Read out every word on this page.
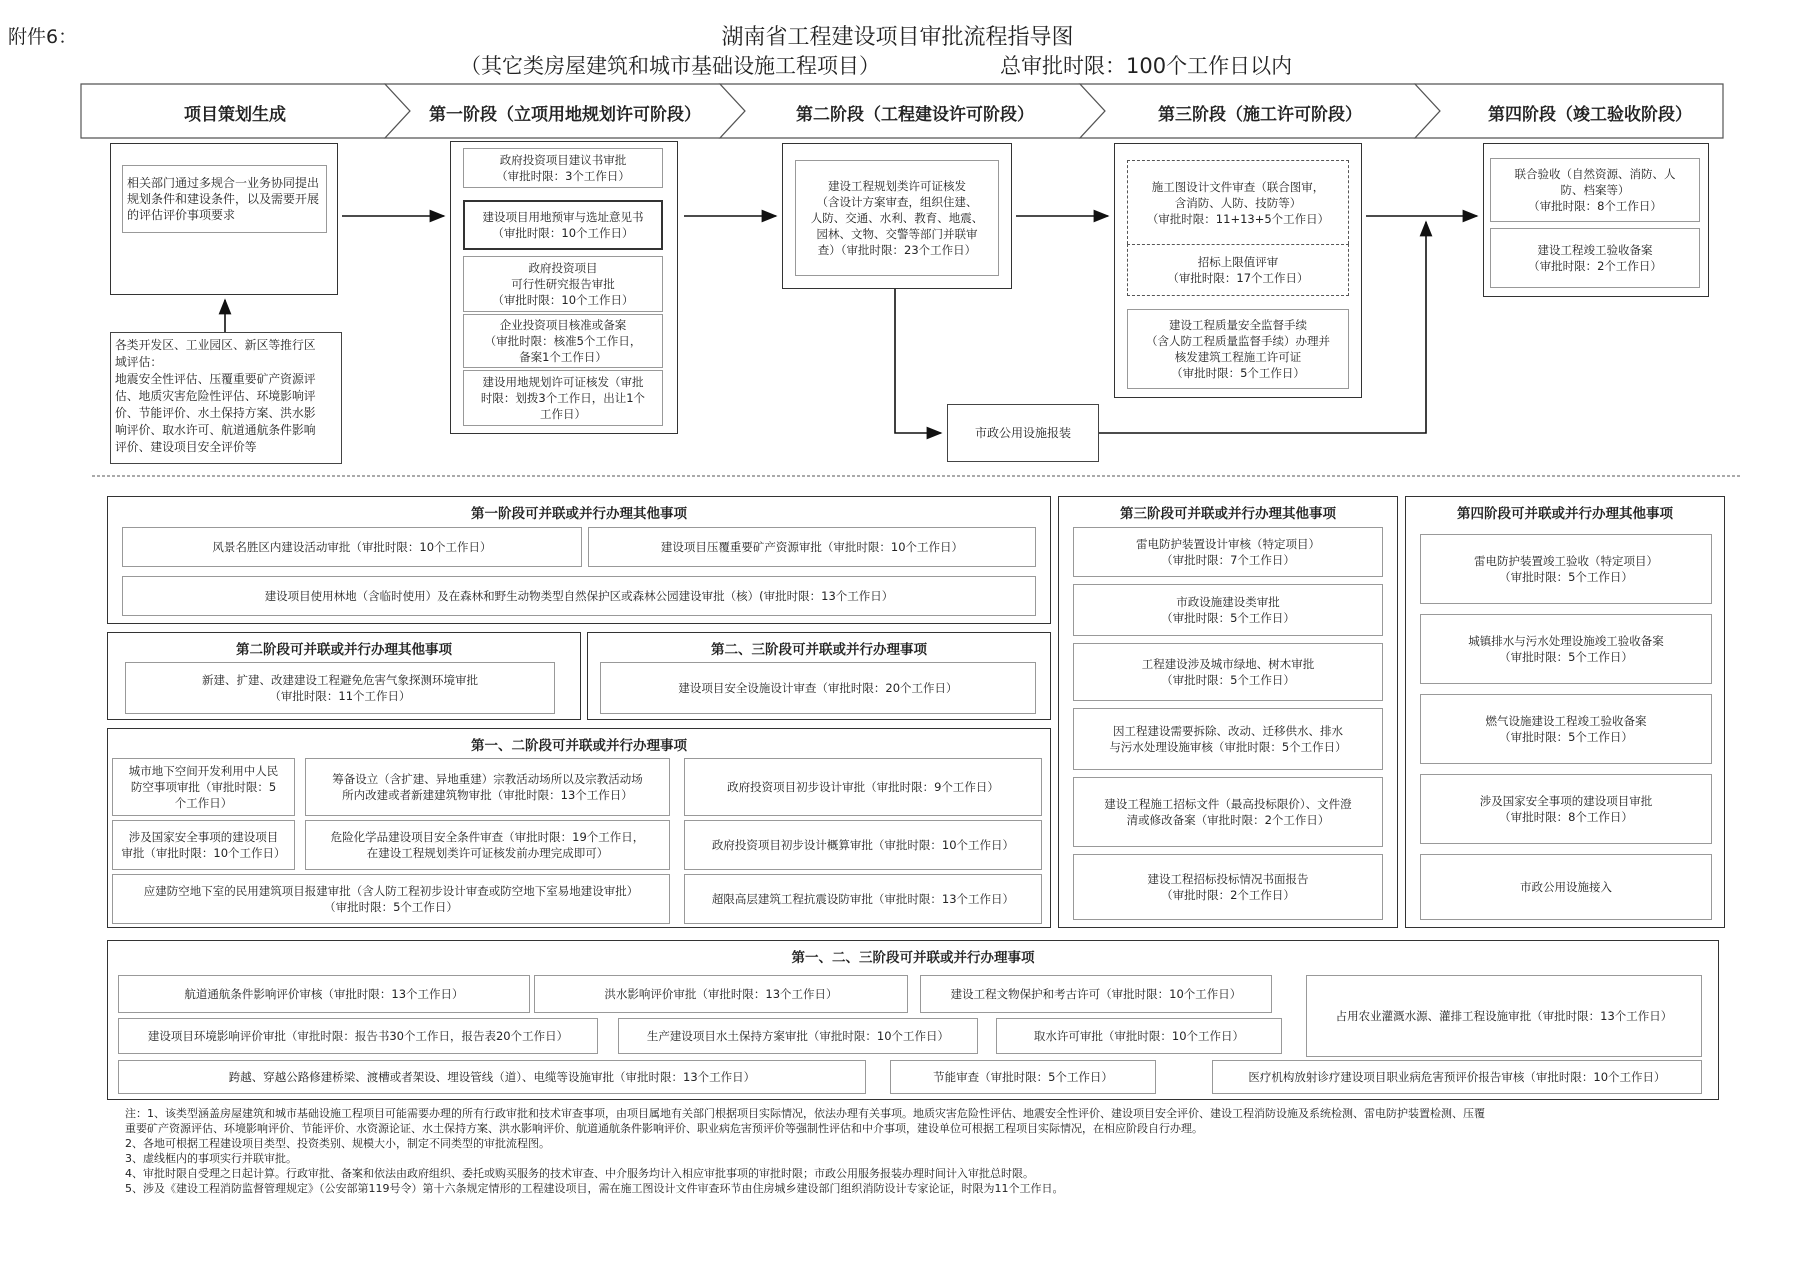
附件6：	湖南省工程建设项目审批流程指导图
（其它类房屋建筑和城市基础设施工程项目）	总审批时限：100个工作日以内
项目策划生成	第一阶段（立项用地规划许可阶段）	第二阶段（工程建设许可阶段）	第三阶段（施工许可阶段）	第四阶段（竣工验收阶段）
相关部门通过多规合一业务协同提出规划条件和建设条件，以及需要开展的评估评价事项要求
各类开发区、工业园区、新区等推行区
域评估：
地震安全性评估、压覆重要矿产资源评
估、地质灾害危险性评估、环境影响评
价、节能评价、水土保持方案、洪水影
响评价、取水许可、航道通航条件影响
评价、建设项目安全评价等
政府投资项目建议书审批
（审批时限：3个工作日）
建设项目用地预审与选址意见书
（审批时限：10个工作日）
政府投资项目
可行性研究报告审批
（审批时限：10个工作日）
企业投资项目核准或备案
（审批时限：核准5个工作日，
备案1个工作日）
建设用地规划许可证核发（审批
时限：划拨3个工作日，出让1个
工作日）
建设工程规划类许可证核发
（含设计方案审查，组织住建、
人防、交通、水利、教育、地震、
园林、文物、交警等部门并联审
查）（审批时限：23个工作日）
施工图设计文件审查（联合图审，
含消防、人防、技防等）
（审批时限：11+13+5个工作日）
招标上限值评审
（审批时限：17个工作日）
建设工程质量安全监督手续
（含人防工程质量监督手续）办理并
核发建筑工程施工许可证
（审批时限：5个工作日）
市政公用设施报装
联合验收（自然资源、消防、人
防、档案等）
（审批时限：8个工作日）
建设工程竣工验收备案
（审批时限：2个工作日）
第一阶段可并联或并行办理其他事项
风景名胜区内建设活动审批（审批时限：10个工作日）	建设项目压覆重要矿产资源审批（审批时限：10个工作日）
建设项目使用林地（含临时使用）及在森林和野生动物类型自然保护区或森林公园建设审批（核）(审批时限：13个工作日）
第二阶段可并联或并行办理其他事项
新建、扩建、改建建设工程避免危害气象探测环境审批
（审批时限：11个工作日）
第二、三阶段可并联或并行办理事项
建设项目安全设施设计审查（审批时限：20个工作日）
第一、二阶段可并联或并行办理事项
城市地下空间开发利用中人民
防空事项审批（审批时限：5
个工作日）
筹备设立（含扩建、异地重建）宗教活动场所以及宗教活动场
所内改建或者新建建筑物审批（审批时限：13个工作日）
政府投资项目初步设计审批（审批时限：9个工作日）
涉及国家安全事项的建设项目
审批（审批时限：10个工作日）
危险化学品建设项目安全条件审查（审批时限：19个工作日，
在建设工程规划类许可证核发前办理完成即可）
政府投资项目初步设计概算审批（审批时限：10个工作日）
应建防空地下室的民用建筑项目报建审批（含人防工程初步设计审查或防空地下室易地建设审批）
（审批时限：5个工作日）
超限高层建筑工程抗震设防审批（审批时限：13个工作日）
第三阶段可并联或并行办理其他事项
雷电防护装置设计审核（特定项目）
（审批时限：7个工作日）
市政设施建设类审批
（审批时限：5个工作日）
工程建设涉及城市绿地、树木审批
（审批时限：5个工作日）
因工程建设需要拆除、改动、迁移供水、排水
与污水处理设施审核（审批时限：5个工作日）
建设工程施工招标文件（最高投标限价）、文件澄
清或修改备案（审批时限：2个工作日）
建设工程招标投标情况书面报告
（审批时限：2个工作日）
第四阶段可并联或并行办理其他事项
雷电防护装置竣工验收（特定项目）
（审批时限：5个工作日）
城镇排水与污水处理设施竣工验收备案
（审批时限：5个工作日）
燃气设施建设工程竣工验收备案
（审批时限：5个工作日）
涉及国家安全事项的建设项目审批
（审批时限：8个工作日）
市政公用设施接入
第一、二、三阶段可并联或并行办理事项
航道通航条件影响评价审核（审批时限：13个工作日）	洪水影响评价审批（审批时限：13个工作日）	建设工程文物保护和考古许可（审批时限：10个工作日）
占用农业灌溉水源、灌排工程设施审批（审批时限：13个工作日）
建设项目环境影响评价审批（审批时限：报告书30个工作日，报告表20个工作日）	生产建设项目水土保持方案审批（审批时限：10个工作日）	取水许可审批（审批时限：10个工作日）
跨越、穿越公路修建桥梁、渡槽或者架设、埋设管线（道）、电缆等设施审批（审批时限：13个工作日）	节能审查（审批时限：5个工作日）	医疗机构放射诊疗建设项目职业病危害预评价报告审核（审批时限：10个工作日）
注：1、该类型涵盖房屋建筑和城市基础设施工程项目可能需要办理的所有行政审批和技术审查事项，由项目属地有关部门根据项目实际情况，依法办理有关事项。地质灾害危险性评估、地震安全性评价、建设项目安全评价、建设工程消防设施及系统检测、雷电防护装置检测、压覆
重要矿产资源评估、环境影响评价、节能评价、水资源论证、水土保持方案、洪水影响评价、航道通航条件影响评价、职业病危害预评价等强制性评估和中介事项，建设单位可根据工程项目实际情况，在相应阶段自行办理。
2、各地可根据工程建设项目类型、投资类别、规模大小，制定不同类型的审批流程图。
3、虚线框内的事项实行并联审批。
4、审批时限自受理之日起计算。行政审批、备案和依法由政府组织、委托或购买服务的技术审查、中介服务均计入相应审批事项的审批时限；市政公用服务报装办理时间计入审批总时限。
5、涉及《建设工程消防监督管理规定》（公安部第119号令）第十六条规定情形的工程建设项目，需在施工图设计文件审查环节由住房城乡建设部门组织消防设计专家论证，时限为11个工作日。
